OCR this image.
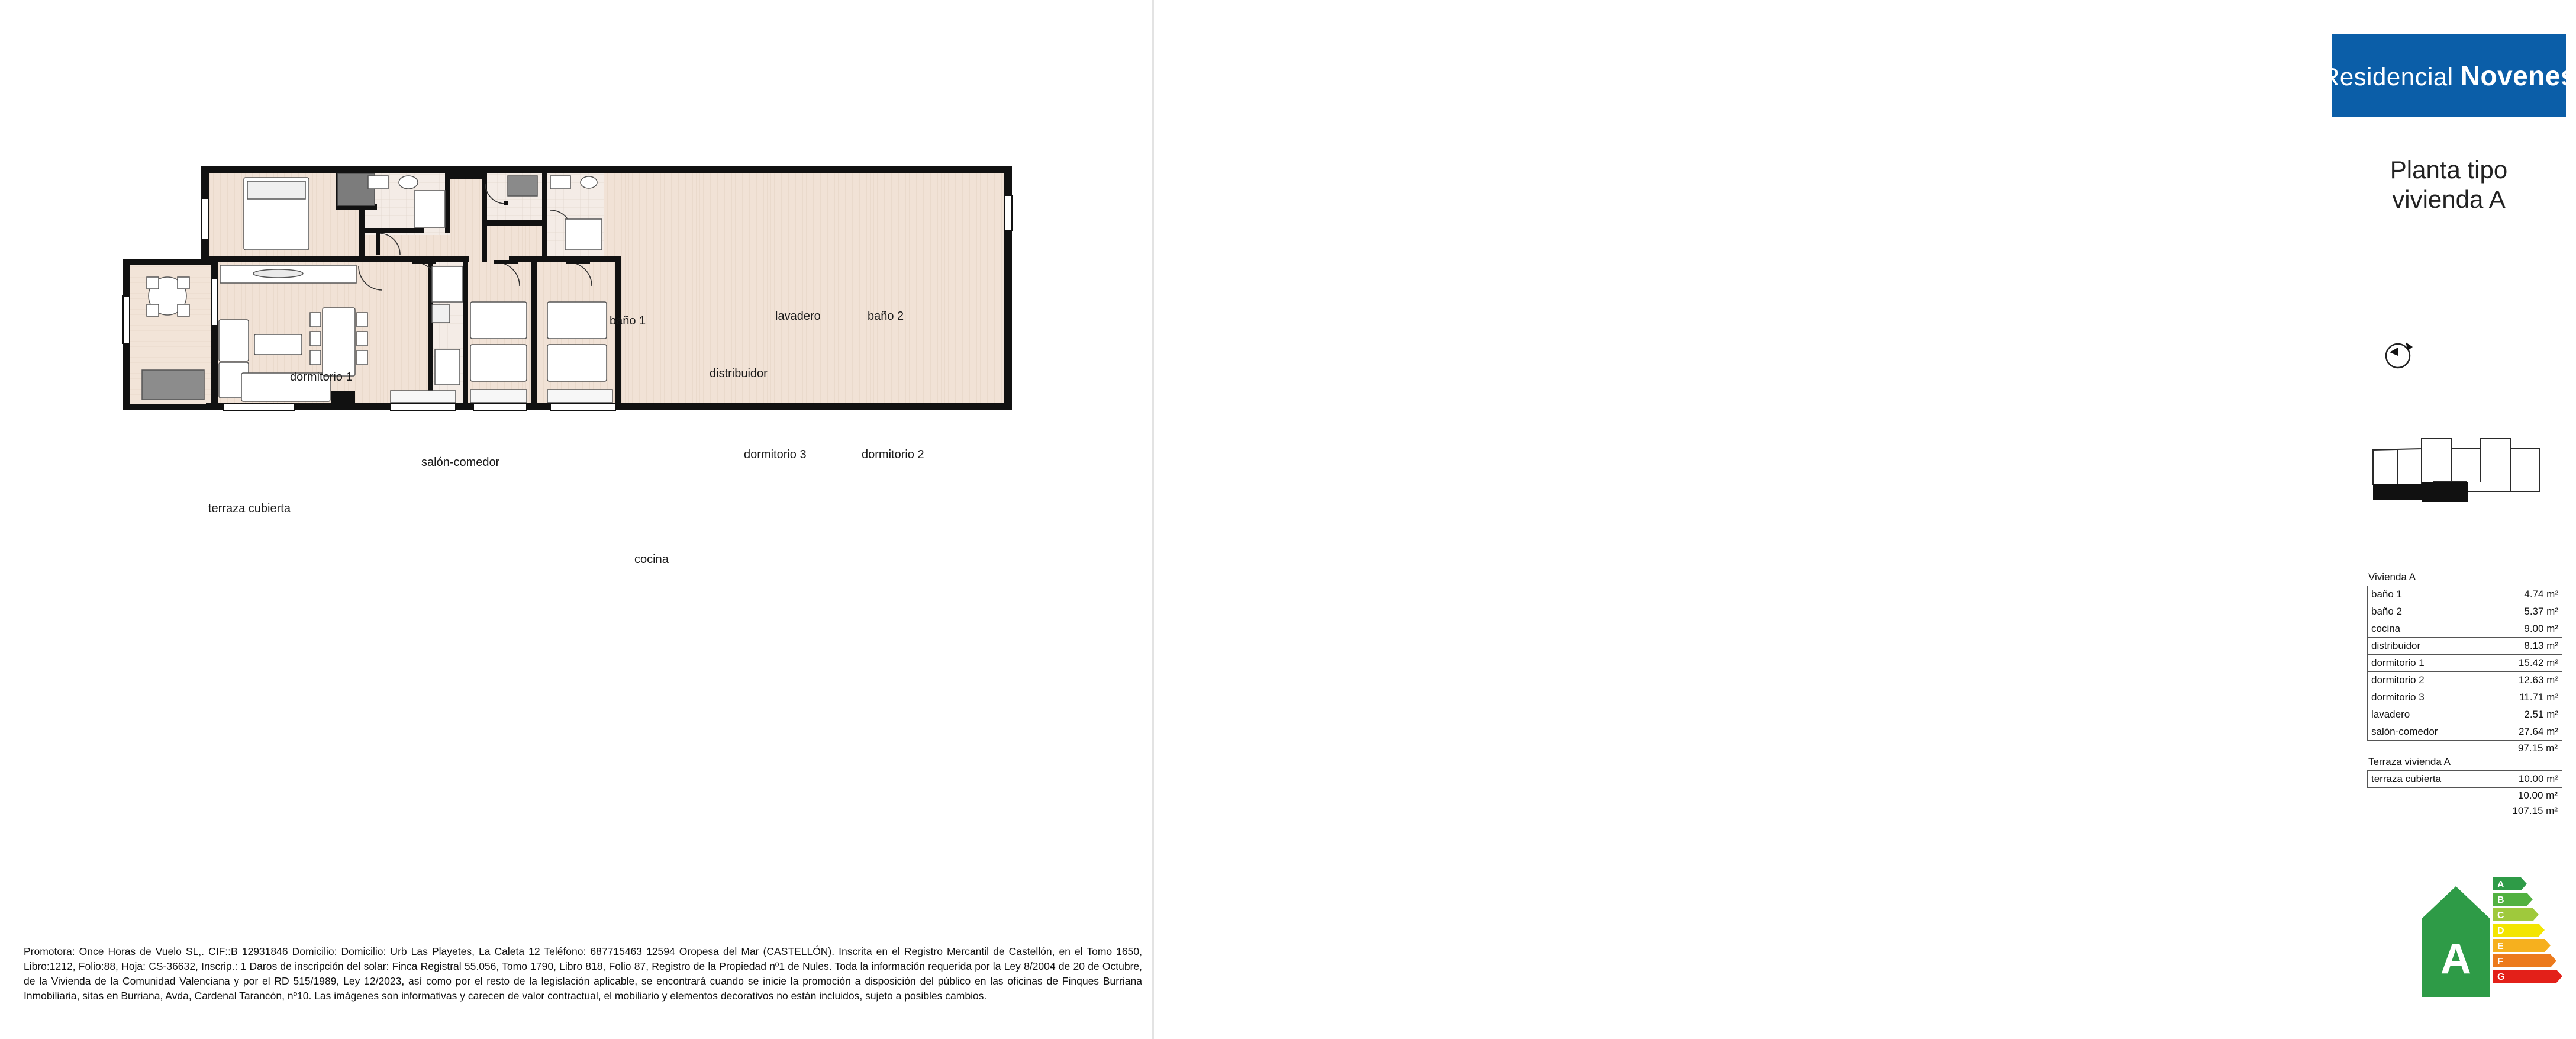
finques Burriana
dormitorio 1
baño 1	lavadero	baño 2
distribuidor
salón-comedor
terraza cubierta
cocina
dormitorio 3	dormitorio 2
Promotora: Once Horas de Vuelo SL,. CIF::B 12931846 Domicilio: Domicilio: Urb Las Playetes, La Caleta 12 Teléfono: 687715463 12594 Oropesa del Mar (CASTELLÓN). Inscrita en el Registro Mercantil de Castellón, en el Tomo 1650, Libro:1212, Folio:88, Hoja: CS-36632, Inscrip.: 1 Daros de inscripción del solar: Finca Registral 55.056, Tomo 1790, Libro 818, Folio 87, Registro de la Propiedad nº1 de Nules. Toda la información requerida por la Ley 8/2004 de 20 de Octubre, de la Vivienda de la Comunidad Valenciana y por el RD 515/1989, Ley 12/2023, así como por el resto de la legislación aplicable, se encontrará cuando se inicie la promoción a disposición del público en las oficinas de Finques Burriana Inmobiliaria, sitas en Burriana, Avda, Cardenal Tarancón, nº10. Las imágenes son informativas y carecen de valor contractual, el mobiliario y elementos decorativos no están incluidos, sujeto a posibles cambios.
Residencial Novenes
Planta tipo
vivienda A
Vivienda A
baño 1	4.74 m²
baño 2	5.37 m²
cocina	9.00 m²
distribuidor	8.13 m²
dormitorio 1	15.42 m²
dormitorio 2	12.63 m²
dormitorio 3	11.71 m²
lavadero	2.51 m²
salón-comedor	27.64 m²
97.15 m²
Terraza vivienda A
terraza cubierta	10.00 m²
10.00 m²
107.15 m²
A
A
B
C
D
E
F
G
